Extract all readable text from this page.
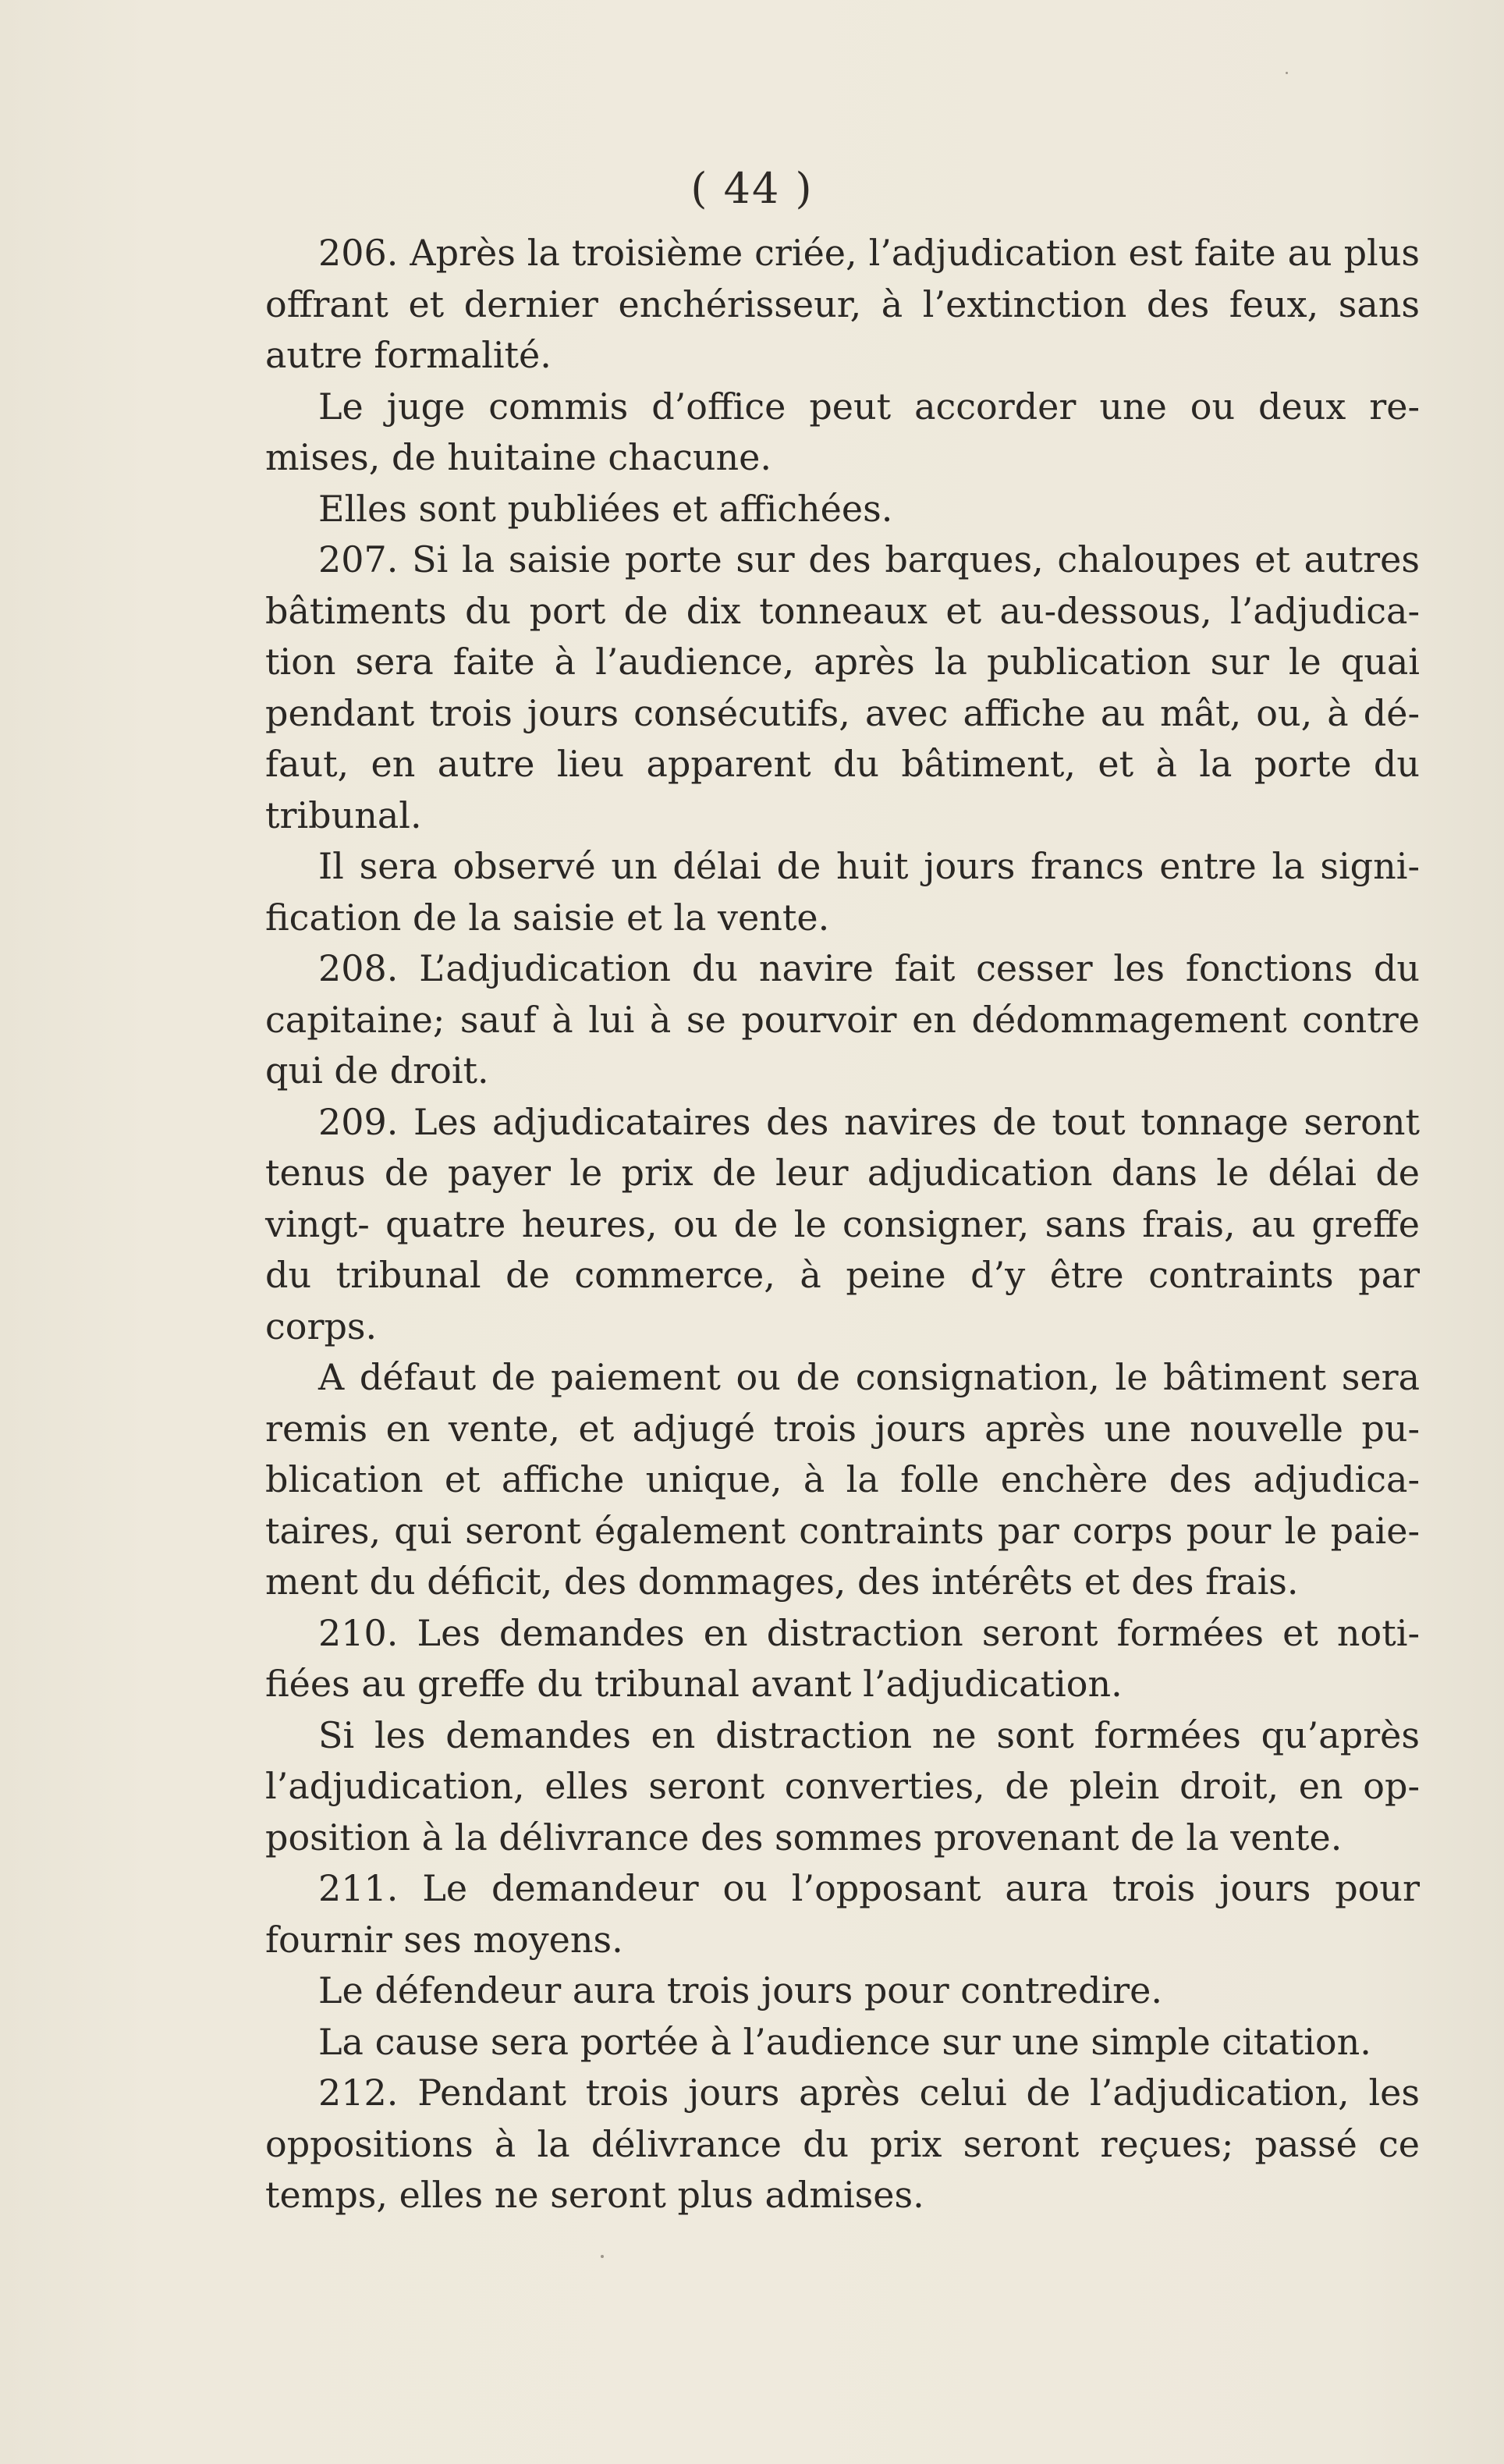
( 44 )

206. Après la troisième criée, l’adjudication est faite au plus offrant et dernier enchérisseur, à l’extinction des feux, sans autre formalité.

Le juge commis d’office peut accorder une ou deux re- mises, de huitaine chacune.

Elles sont publiées et affichées.

207. Si la saisie porte sur des barques, chaloupes et autres bâtiments du port de dix tonneaux et au-dessous, l’adjudica- tion sera faite à l’audience, après la publication sur le quai pendant trois jours consécutifs, avec affiche au mât, ou, à dé- faut, en autre lieu apparent du bâtiment, et à la porte du tribunal.

Il sera observé un délai de huit jours francs entre la signi- fication de la saisie et la vente.

208. L’adjudication du navire fait cesser les fonctions du capitaine; sauf à lui à se pourvoir en dédommagement contre qui de droit.

209. Les adjudicataires des navires de tout tonnage seront tenus de payer le prix de leur adjudication dans le délai de vingt- quatre heures, ou de le consigner, sans frais, au greffe du tribunal de commerce, à peine d’y être contraints par corps.

A défaut de paiement ou de consignation, le bâtiment sera remis en vente, et adjugé trois jours après une nouvelle pu- blication et affiche unique, à la folle enchère des adjudica- taires, qui seront également contraints par corps pour le paie- ment du déficit, des dommages, des intérêts et des frais.

210. Les demandes en distraction seront formées et noti- fiées au greffe du tribunal avant l’adjudication.

Si les demandes en distraction ne sont formées qu’après l’adjudication, elles seront converties, de plein droit, en op- position à la délivrance des sommes provenant de la vente.

211. Le demandeur ou l’opposant aura trois jours pour fournir ses moyens.

Le défendeur aura trois jours pour contredire.

La cause sera portée à l’audience sur une simple citation.

212. Pendant trois jours après celui de l’adjudication, les oppositions à la délivrance du prix seront reçues; passé ce temps, elles ne seront plus admises.
